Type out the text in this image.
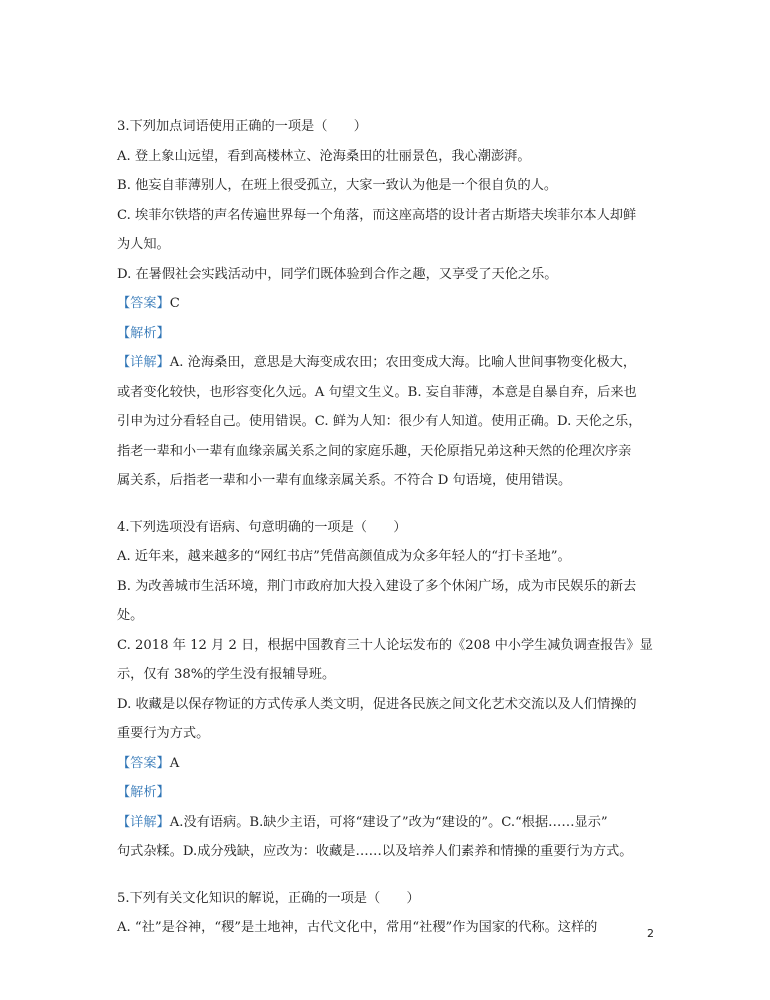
3.下列加点词语使用正确的一项是（　　）

A. 登上象山远望，看到高楼林立、沧海桑田的壮丽景色，我心潮澎湃。

B. 他妄自菲薄别人，在班上很受孤立，大家一致认为他是一个很自负的人。

C. 埃菲尔铁塔的声名传遍世界每一个角落，而这座高塔的设计者古斯塔夫埃菲尔本人却鲜

为人知。

D. 在暑假社会实践活动中，同学们既体验到合作之趣，又享受了天伦之乐。

【答案】C

【解析】

【详解】A. 沧海桑田，意思是大海变成农田；农田变成大海。比喻人世间事物变化极大，

或者变化较快，也形容变化久远。A 句望文生义。B. 妄自菲薄，本意是自暴自弃，后来也

引申为过分看轻自己。使用错误。C. 鲜为人知：很少有人知道。使用正确。D. 天伦之乐，

指老一辈和小一辈有血缘亲属关系之间的家庭乐趣，天伦原指兄弟这种天然的伦理次序亲

属关系，后指老一辈和小一辈有血缘亲属关系。不符合 D 句语境，使用错误。

4.下列选项没有语病、句意明确的一项是（　　）

A. 近年来，越来越多的“网红书店”凭借高颜值成为众多年轻人的“打卡圣地”。

B. 为改善城市生活环境，荆门市政府加大投入建设了多个休闲广场，成为市民娱乐的新去

处。

C. 2018 年 12 月 2 日，根据中国教育三十人论坛发布的《208 中小学生减负调查报告》显

示，仅有 38%的学生没有报辅导班。

D. 收藏是以保存物证的方式传承人类文明，促进各民族之间文化艺术交流以及人们情操的

重要行为方式。

【答案】A

【解析】

【详解】A.没有语病。B.缺少主语，可将“建设了”改为“建设的”。C.“根据……显示”

句式杂糅。D.成分残缺，应改为：收藏是……以及培养人们素养和情操的重要行为方式。

5.下列有关文化知识的解说，正确的一项是（　　）

A. “社”是谷神，“稷”是土地神，古代文化中，常用“社稷”作为国家的代称。这样的	2
